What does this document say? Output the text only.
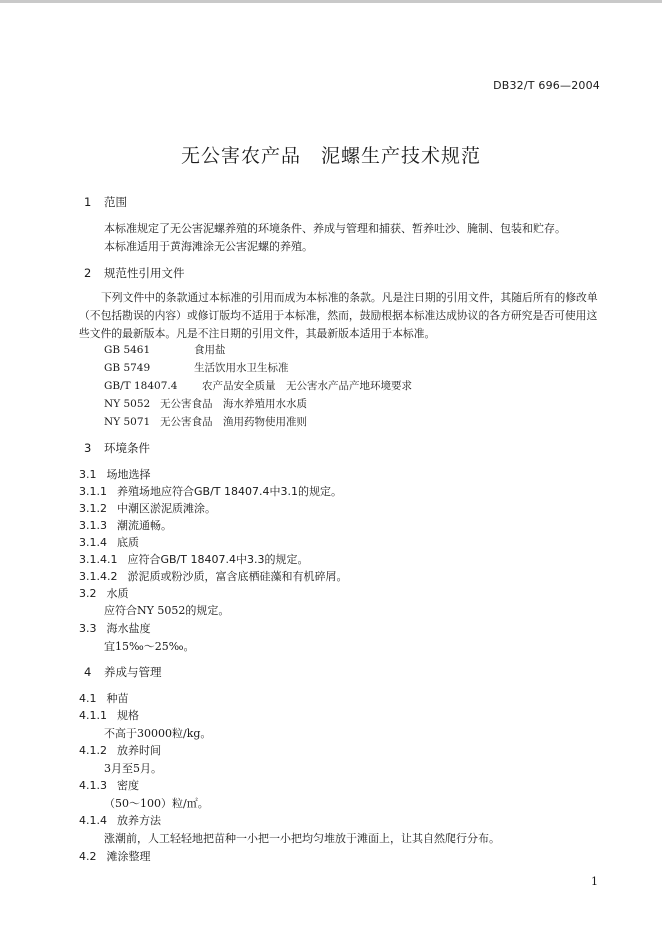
DB32/T 696—2004
无公害农产品　泥螺生产技术规范
1 范围
本标准规定了无公害泥螺养殖的环境条件、养成与管理和捕获、暂养吐沙、腌制、包装和贮存。
本标准适用于黄海滩涂无公害泥螺的养殖。
2 规范性引用文件
下列文件中的条款通过本标准的引用而成为本标准的条款。凡是注日期的引用文件，其随后所有的修改单（不包括勘误的内容）或修订版均不适用于本标准，然而，鼓励根据本标准达成协议的各方研究是否可使用这些文件的最新版本。凡是不注日期的引用文件，其最新版本适用于本标准。
GB 5461	食用盐
GB 5749	生活饮用水卫生标准
GB/T 18407.4 农产品安全质量　无公害水产品产地环境要求
NY 5052 无公害食品　海水养殖用水水质
NY 5071 无公害食品　渔用药物使用准则
3 环境条件
3.1 场地选择
3.1.1 养殖场地应符合GB/T 18407.4中3.1的规定。
3.1.2 中潮区淤泥质滩涂。
3.1.3 潮流通畅。
3.1.4 底质
3.1.4.1 应符合GB/T 18407.4中3.3的规定。
3.1.4.2 淤泥质或粉沙质，富含底栖硅藻和有机碎屑。
3.2 水质
应符合NY 5052的规定。
3.3 海水盐度
宜15‰～25‰。
4 养成与管理
4.1 种苗
4.1.1 规格
不高于30000粒/kg。
4.1.2 放养时间
3月至5月。
4.1.3 密度
（50～100）粒/㎡。
4.1.4 放养方法
涨潮前，人工轻轻地把苗种一小把一小把均匀堆放于滩面上，让其自然爬行分布。
4.2 滩涂整理
1
